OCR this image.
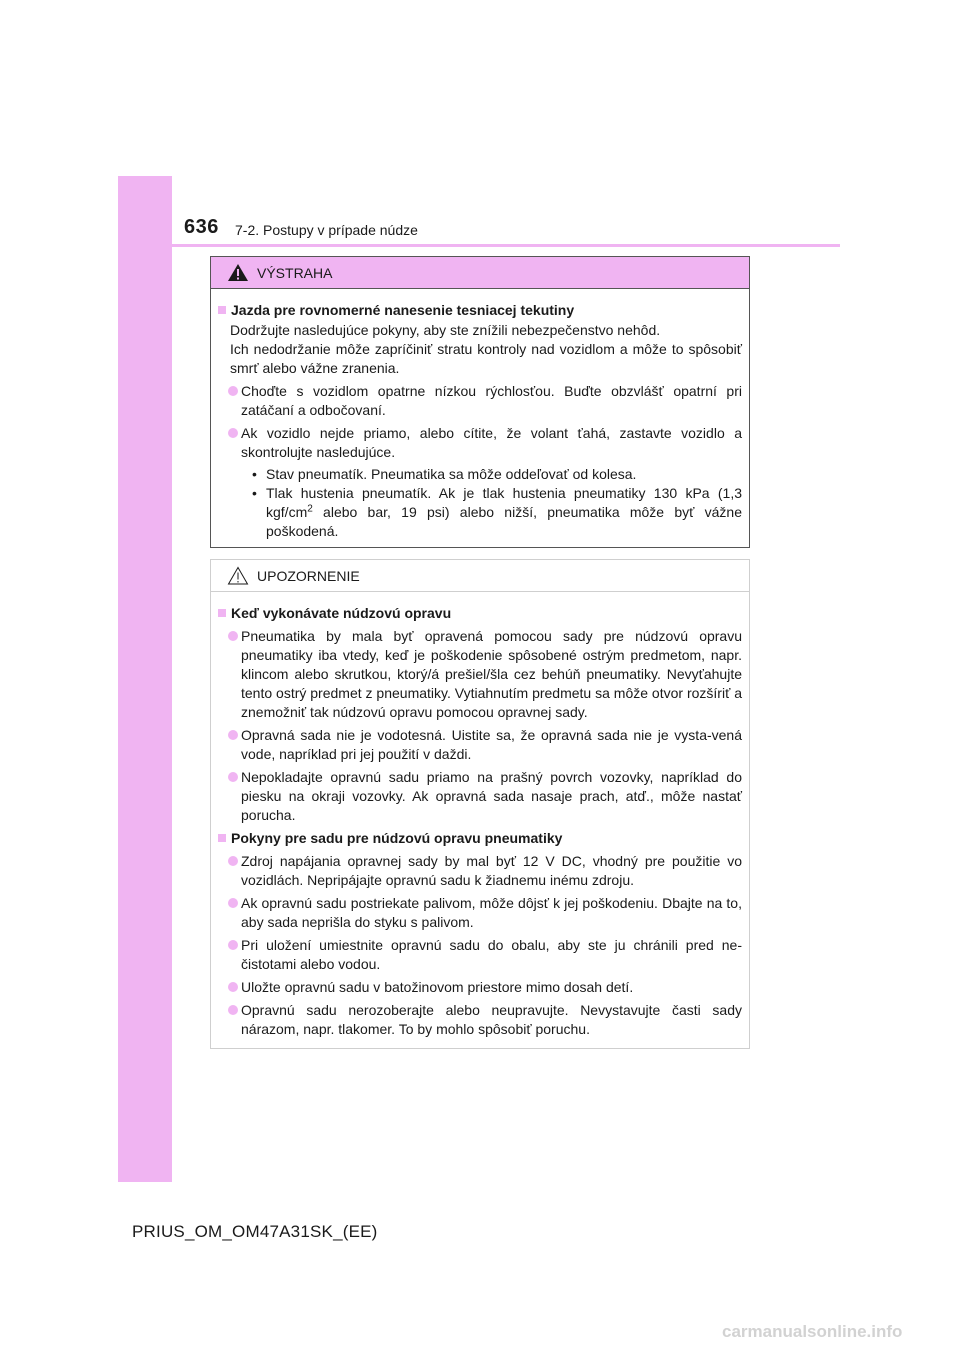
636 7-2. Postupy v prípade núdze
VÝSTRAHA
Jazda pre rovnomerné nanesenie tesniacej tekutiny
Dodržujte nasledujúce pokyny, aby ste znížili nebezpečenstvo nehôd.
Ich nedodržanie môže zapríčiniť stratu kontroly nad vozidlom a môže to spôsobiť smrť alebo vážne zranenia.
Choďte s vozidlom opatrne nízkou rýchlosťou. Buďte obzvlášť opatrní pri zatáčaní a odbočovaní.
Ak vozidlo nejde priamo, alebo cítite, že volant ťahá, zastavte vozidlo a skontrolujte nasledujúce.
• Stav pneumatík. Pneumatika sa môže oddeľovať od kolesa.
• Tlak hustenia pneumatík. Ak je tlak hustenia pneumatiky 130 kPa (1,3 kgf/$cm^2$ alebo bar, 19 psi) alebo nižší, pneumatika môže byť vážne poškodená.
UPOZORNENIE
Keď vykonávate núdzovú opravu
Pneumatika by mala byť opravená pomocou sady pre núdzovú opravu pneumatiky iba vtedy, keď je poškodenie spôsobené ostrým predmetom, napr. klincom alebo skrutkou, ktorý/á prešiel/šla cez behúň pneumatiky. Nevyťahujte tento ostrý predmet z pneumatiky. Vytiahnutím predmetu sa môže otvor rozšíriť a znemožniť tak núdzovú opravu pomocou opravnej sady.
Opravná sada nie je vodotesná. Uistite sa, že opravná sada nie je vysta-vená vode, napríklad pri jej použití v daždi.
Nepokladajte opravnú sadu priamo na prašný povrch vozovky, napríklad do piesku na okraji vozovky. Ak opravná sada nasaje prach, atď., môže nastať porucha.
Pokyny pre sadu pre núdzovú opravu pneumatiky
Zdroj napájania opravnej sady by mal byť 12 V DC, vhodný pre použitie vo vozidlách. Nepripájajte opravnú sadu k žiadnemu inému zdroju.
Ak opravnú sadu postriekate palivom, môže dôjsť k jej poškodeniu. Dbajte na to, aby sada neprišla do styku s palivom.
Pri uložení umiestnite opravnú sadu do obalu, aby ste ju chránili pred ne-čistotami alebo vodou.
Uložte opravnú sadu v batožinovom priestore mimo dosah detí.
Opravnú sadu nerozoberajte alebo neupravujte. Nevystavujte časti sady nárazom, napr. tlakomer. To by mohlo spôsobiť poruchu.
PRIUS_OM_OM47A31SK_(EE)
carmanualsonline.info
